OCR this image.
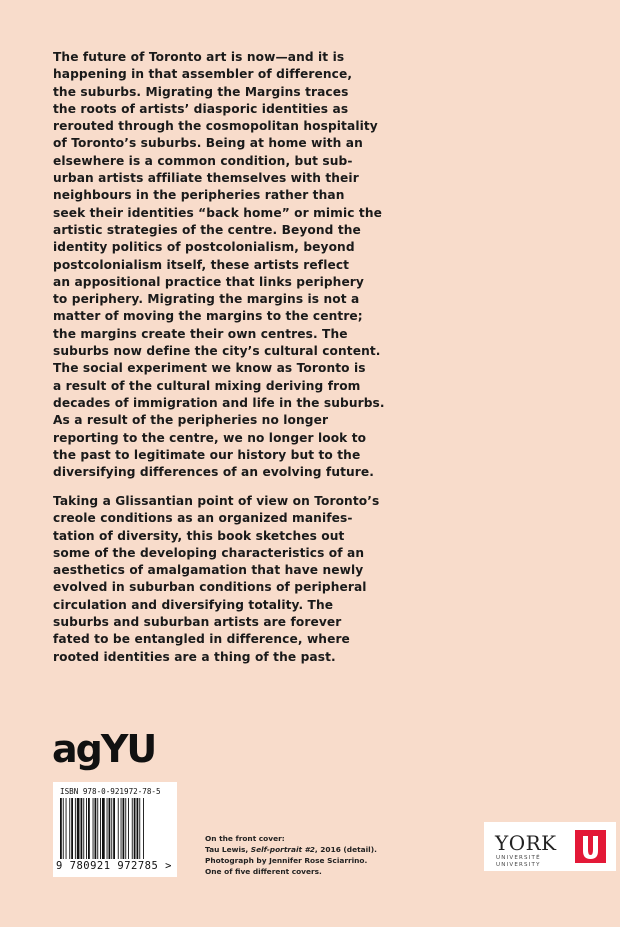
The future of Toronto art is now—and it is
happening in that assembler of difference,
the suburbs. Migrating the Margins traces
the roots of artists’ diasporic identities as
rerouted through the cosmopolitan hospitality
of Toronto’s suburbs. Being at home with an
elsewhere is a common condition, but sub-
urban artists affiliate themselves with their
neighbours in the peripheries rather than
seek their identities “back home” or mimic the
artistic strategies of the centre. Beyond the
identity politics of postcolonialism, beyond
postcolonialism itself, these artists reflect
an appositional practice that links periphery
to periphery. Migrating the margins is not a
matter of moving the margins to the centre;
the margins create their own centres. The
suburbs now define the city’s cultural content.
The social experiment we know as Toronto is
a result of the cultural mixing deriving from
decades of immigration and life in the suburbs.
As a result of the peripheries no longer
reporting to the centre, we no longer look to
the past to legitimate our history but to the
diversifying differences of an evolving future.
Taking a Glissantian point of view on Toronto’s
creole conditions as an organized manifes-
tation of diversity, this book sketches out
some of the developing characteristics of an
aesthetics of amalgamation that have newly
evolved in suburban conditions of peripheral
circulation and diversifying totality. The
suburbs and suburban artists are forever
fated to be entangled in difference, where
rooted identities are a thing of the past.
agYU
ISBN 978-0-921972-78-5
9 780921 972785 >
On the front cover:
Tau Lewis, Self-portrait #2, 2016 (detail).
Photograph by Jennifer Rose Sciarrino.
One of five different covers.
YORK
UNIVERSITÉ
UNIVERSITY
